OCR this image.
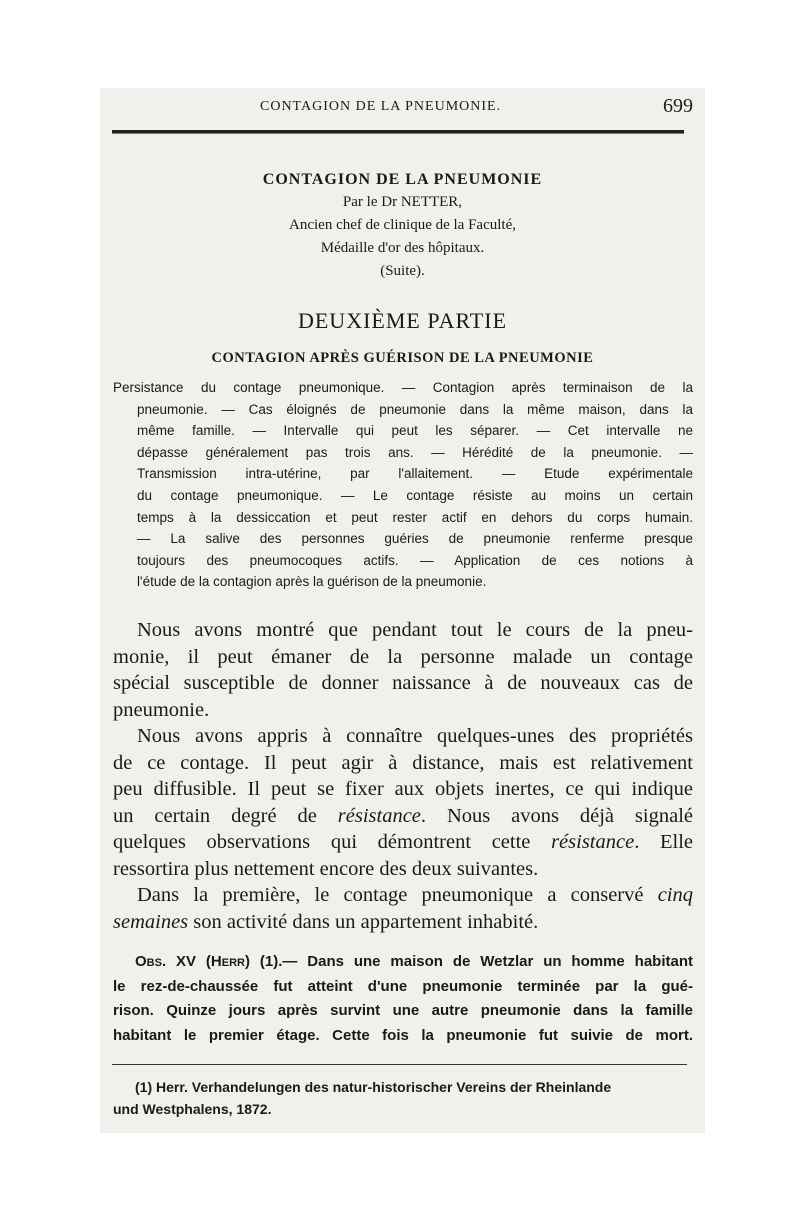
CONTAGION DE LA PNEUMONIE.	699
CONTAGION DE LA PNEUMONIE
Par le Dr NETTER,
Ancien chef de clinique de la Faculté,
Médaille d'or des hôpitaux.
(Suite).
DEUXIÈME PARTIE
CONTAGION APRÈS GUÉRISON DE LA PNEUMONIE
Persistance du contage pneumonique. — Contagion après terminaison de la
pneumonie. — Cas éloignés de pneumonie dans la même maison, dans la
même famille. — Intervalle qui peut les séparer. — Cet intervalle ne
dépasse généralement pas trois ans. — Hérédité de la pneumonie. —
Transmission intra-utérine, par l'allaitement. — Etude expérimentale
du contage pneumonique. — Le contage résiste au moins un certain
temps à la dessiccation et peut rester actif en dehors du corps humain.
— La salive des personnes guéries de pneumonie renferme presque
toujours des pneumocoques actifs. — Application de ces notions à
l'étude de la contagion après la guérison de la pneumonie.
Nous avons montré que pendant tout le cours de la pneu-
monie, il peut émaner de la personne malade un contage
spécial susceptible de donner naissance à de nouveaux cas de
pneumonie.
Nous avons appris à connaître quelques-unes des propriétés
de ce contage. Il peut agir à distance, mais est relativement
peu diffusible. Il peut se fixer aux objets inertes, ce qui indique
un certain degré de résistance. Nous avons déjà signalé
quelques observations qui démontrent cette résistance. Elle
ressortira plus nettement encore des deux suivantes.
Dans la première, le contage pneumonique a conservé cinq
semaines son activité dans un appartement inhabité.
Obs. XV (Herr) (1).— Dans une maison de Wetzlar un homme habitant
le rez-de-chaussée fut atteint d'une pneumonie terminée par la gué-
rison. Quinze jours après survint une autre pneumonie dans la famille
habitant le premier étage. Cette fois la pneumonie fut suivie de mort.
(1) Herr. Verhandelungen des natur-historischer Vereins der Rheinlande
und Westphalens, 1872.
